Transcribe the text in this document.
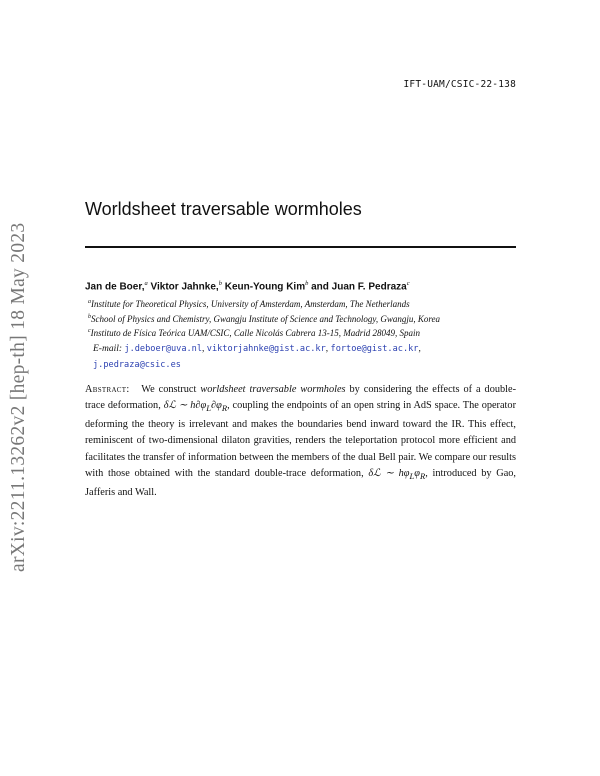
IFT-UAM/CSIC-22-138
arXiv:2211.13262v2 [hep-th] 18 May 2023
Worldsheet traversable wormholes
Jan de Boer,$^a$ Viktor Jahnke,$^b$ Keun-Young Kim$^b$ and Juan F. Pedraza$^c$
$^a$Institute for Theoretical Physics, University of Amsterdam, Amsterdam, The Netherlands
$^b$School of Physics and Chemistry, Gwangju Institute of Science and Technology, Gwangju, Korea
$^c$Instituto de Física Teórica UAM/CSIC, Calle Nicolás Cabrera 13-15, Madrid 28049, Spain
E-mail: j.deboer@uva.nl, viktorjahnke@gist.ac.kr, fortoe@gist.ac.kr,
j.pedraza@csic.es
Abstract: We construct worldsheet traversable wormholes by considering the effects of a double-trace deformation, δℒ ∼ $h\partial\varphi_L\partial\varphi_R$, coupling the endpoints of an open string in AdS space. The operator deforming the theory is irrelevant and makes the boundaries bend inward toward the IR. This effect, reminiscent of two-dimensional dilaton gravities, renders the teleportation protocol more efficient and facilitates the transfer of information between the members of the dual Bell pair. We compare our results with those obtained with the standard double-trace deformation, δℒ ∼ $h\varphi_L\varphi_R$, introduced by Gao, Jafferis and Wall.
